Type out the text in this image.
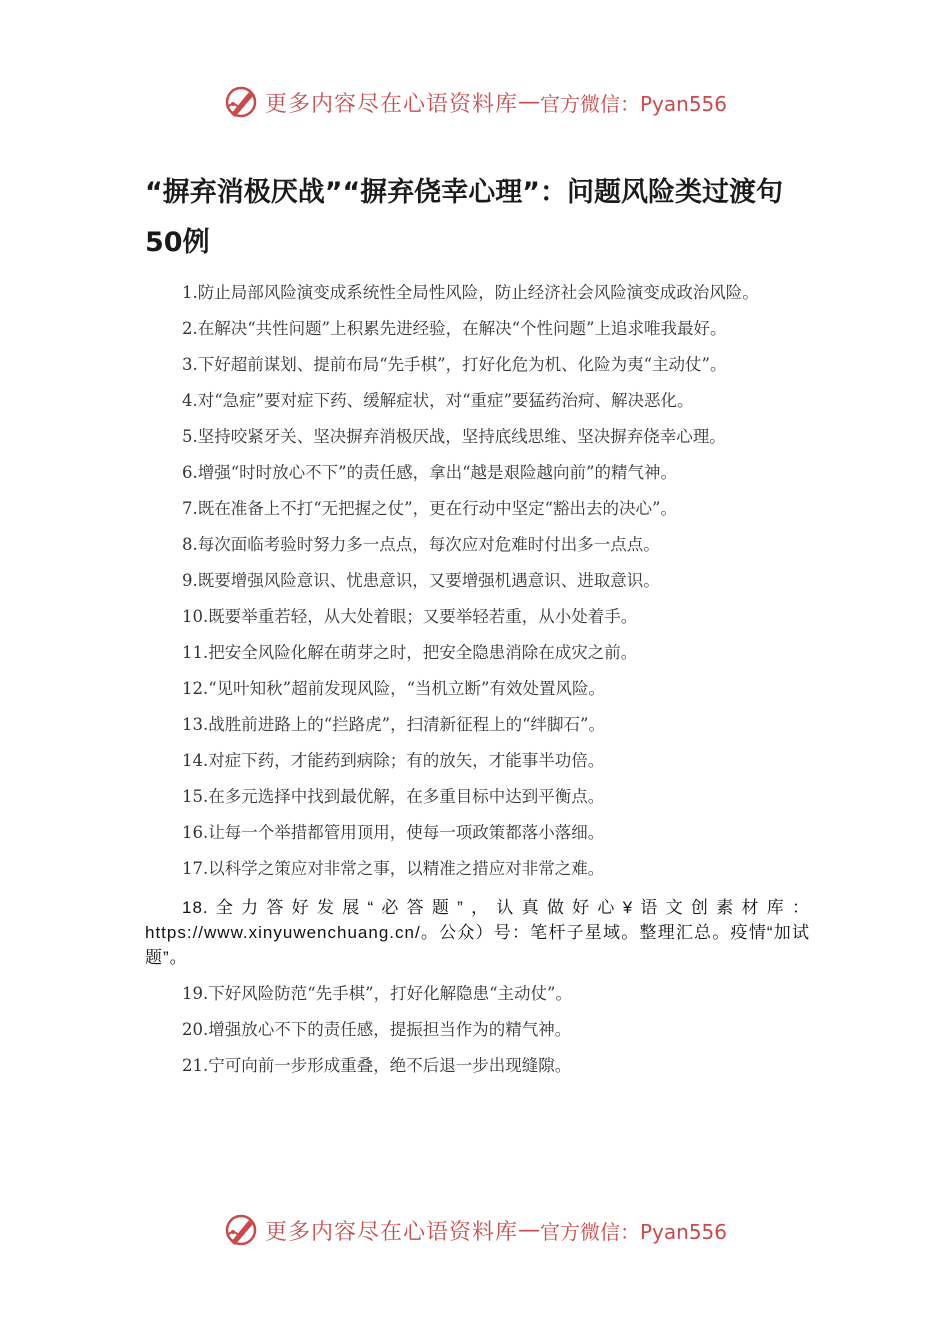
更多内容尽在心语资料库 — 官方微信：Pyan556
“摒弃消极厌战”“摒弃侥幸心理”：问题风险类过渡句50例

1.防止局部风险演变成系统性全局性风险，防止经济社会风险演变成政治风险。

2.在解决“共性问题”上积累先进经验，在解决“个性问题”上追求唯我最好。

3.下好超前谋划、提前布局“先手棋”，打好化危为机、化险为夷“主动仗”。

4.对“急症”要对症下药、缓解症状，对“重症”要猛药治疴、解决恶化。

5.坚持咬紧牙关、坚决摒弃消极厌战，坚持底线思维、坚决摒弃侥幸心理。

6.增强“时时放心不下”的责任感，拿出“越是艰险越向前”的精气神。

7.既在准备上不打“无把握之仗”，更在行动中坚定“豁出去的决心”。

8.每次面临考验时努力多一点点，每次应对危难时付出多一点点。

9.既要增强风险意识、忧患意识，又要增强机遇意识、进取意识。

10.既要举重若轻，从大处着眼；又要举轻若重，从小处着手。

11.把安全风险化解在萌芽之时，把安全隐患消除在成灾之前。

12.“见叶知秋”超前发现风险，“当机立断”有效处置风险。

13.战胜前进路上的“拦路虎”，扫清新征程上的“绊脚石”。

14.对症下药，才能药到病除；有的放矢，才能事半功倍。

15.在多元选择中找到最优解，在多重目标中达到平衡点。

16.让每一个举措都管用顶用，使每一项政策都落小落细。

17.以科学之策应对非常之事，以精准之措应对非常之难。

18.全力答好发展“必答题”，认真做好心¥语文创素材库：https://www.xinyuwenchuang.cn/。公众）号：笔杆子星域。整理汇总。疫情“加试题”。

19.下好风险防范“先手棋”，打好化解隐患“主动仗”。

20.增强放心不下的责任感，提振担当作为的精气神。

21.宁可向前一步形成重叠，绝不后退一步出现缝隙。

更多内容尽在心语资料库 — 官方微信：Pyan556
